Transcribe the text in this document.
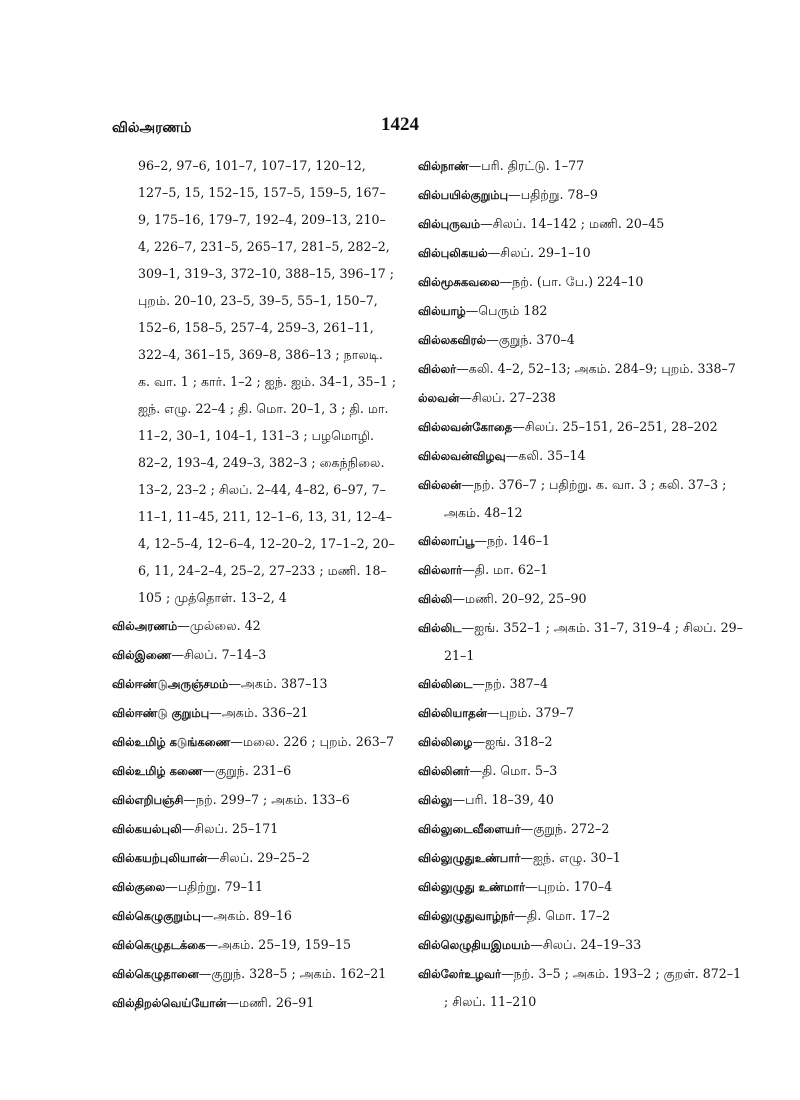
வில்அரணம்	1424
96–2, 97–6, 101–7, 107–17, 120–12, 127–5, 15, 152–15, 157–5, 159–5, 167–9, 175–16, 179–7, 192–4, 209–13, 210–4, 226–7, 231–5, 265–17, 281–5, 282–2, 309–1, 319–3, 372–10, 388–15, 396–17 ; புறம். 20–10, 23–5, 39–5, 55–1, 150–7, 152–6, 158–5, 257–4, 259–3, 261–11, 322–4, 361–15, 369–8, 386–13 ; நாலடி. க. வா. 1 ; கார். 1–2 ; ஐந். ஐம். 34–1, 35–1 ; ஐந். எழு. 22–4 ; தி. மொ. 20–1, 3 ; தி. மா. 11–2, 30–1, 104–1, 131–3 ; பழமொழி. 82–2, 193–4, 249–3, 382–3 ; கைந்நிலை. 13–2, 23–2 ; சிலப். 2–44, 4–82, 6–97, 7–11–1, 11–45, 211, 12–1–6, 13, 31, 12–4–4, 12–5–4, 12–6–4, 12–20–2, 17–1–2, 20–6, 11, 24–2–4, 25–2, 27–233 ; மணி. 18–105 ; முத்தொள். 13–2, 4
வில்அரணம்—முல்லை. 42
வில்இணை—சிலப். 7–14–3
வில்ஈண்டுஅருஞ்சமம்—அகம். 387–13
வில்ஈண்டு குறும்பு—அகம். 336–21
வில்உமிழ் கடுங்கணை—மலை. 226 ; புறம். 263–7
வில்உமிழ் கணை—குறுந். 231–6
வில்எறிபஞ்சி—நற். 299–7 ; அகம். 133–6
வில்கயல்புலி—சிலப். 25–171
வில்கயற்புலியான்—சிலப். 29–25–2
வில்குலை—பதிற்று. 79–11
வில்கெழுகுறும்பு—அகம். 89–16
வில்கெழுதடக்கை—அகம். 25–19, 159–15
வில்கெழுதானை—குறுந். 328–5 ; அகம். 162–21
வில்திறல்வெய்யோன்—மணி. 26–91
வில்நாண்—பரி. திரட்டு. 1–77
வில்பயில்குறும்பு—பதிற்று. 78–9
வில்புருவம்—சிலப். 14–142 ; மணி. 20–45
வில்புலிகயல்—சிலப். 29–1–10
வில்மூசுகவலை—நற். (பா. பே.) 224–10
வில்யாழ்—பெரும் 182
வில்லகவிரல்—குறுந். 370–4
வில்லர்—கலி. 4–2, 52–13; அகம். 284–9; புறம். 338–7
ல்லவன்—சிலப். 27–238
வில்லவன்கோதை—சிலப். 25–151, 26–251, 28–202
வில்லவன்விழவு—கலி. 35–14
வில்லன்—நற். 376–7 ; பதிற்று. க. வா. 3 ; கலி. 37–3 ; அகம். 48–12
வில்லாப்பூ—நற். 146–1
வில்லார்—தி. மா. 62–1
வில்லி—மணி. 20–92, 25–90
வில்லிட—ஐங். 352–1 ; அகம். 31–7, 319–4 ; சிலப். 29–21–1
வில்லிடை—நற். 387–4
வில்லியாதன்—புறம். 379–7
வில்லிழை—ஐங். 318–2
வில்லினர்—தி. மொ. 5–3
வில்லு—பரி. 18–39, 40
வில்லுடைவீளையர்—குறுந். 272–2
வில்லுழுதுஉண்பார்—ஐந். எழு. 30–1
வில்லுழுது உண்மார்—புறம். 170–4
வில்லுழுதுவாழ்நர்—தி. மொ. 17–2
வில்லெழுதியஇமயம்—சிலப். 24–19–33
வில்லேர்உழவர்—நற். 3–5 ; அகம். 193–2 ; குறள். 872–1 ; சிலப். 11–210
